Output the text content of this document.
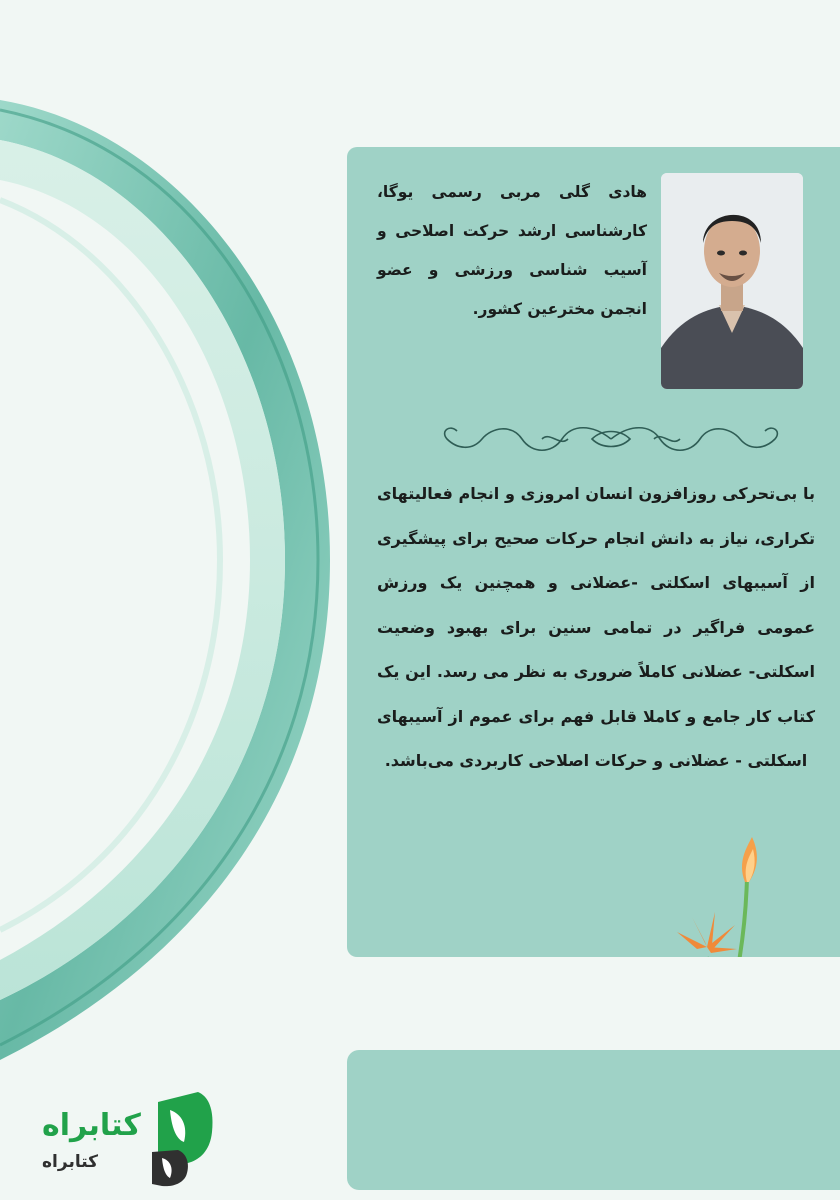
هادی گلی مربی رسمی یوگا، کارشناسی ارشد حرکت اصلاحی و آسیب شناسی ورزشی و عضو انجمن مخترعین کشور.
با بی‌تحرکی روزافزون انسان امروزی و انجام فعالیتهای تکراری، نیاز به دانش انجام حرکات صحیح برای پیشگیری از آسیبهای اسکلتی -عضلانی و همچنین یک ورزش عمومی فراگیر در تمامی سنین برای بهبود وضعیت اسکلتی- عضلانی کاملاً ضروری به نظر می رسد. این یک کتاب کار جامع و کاملا قابل فهم برای عموم از آسیبهای اسکلتی - عضلانی و حرکات اصلاحی کاربردی می‌باشد.
کتابراه
کتابراه
